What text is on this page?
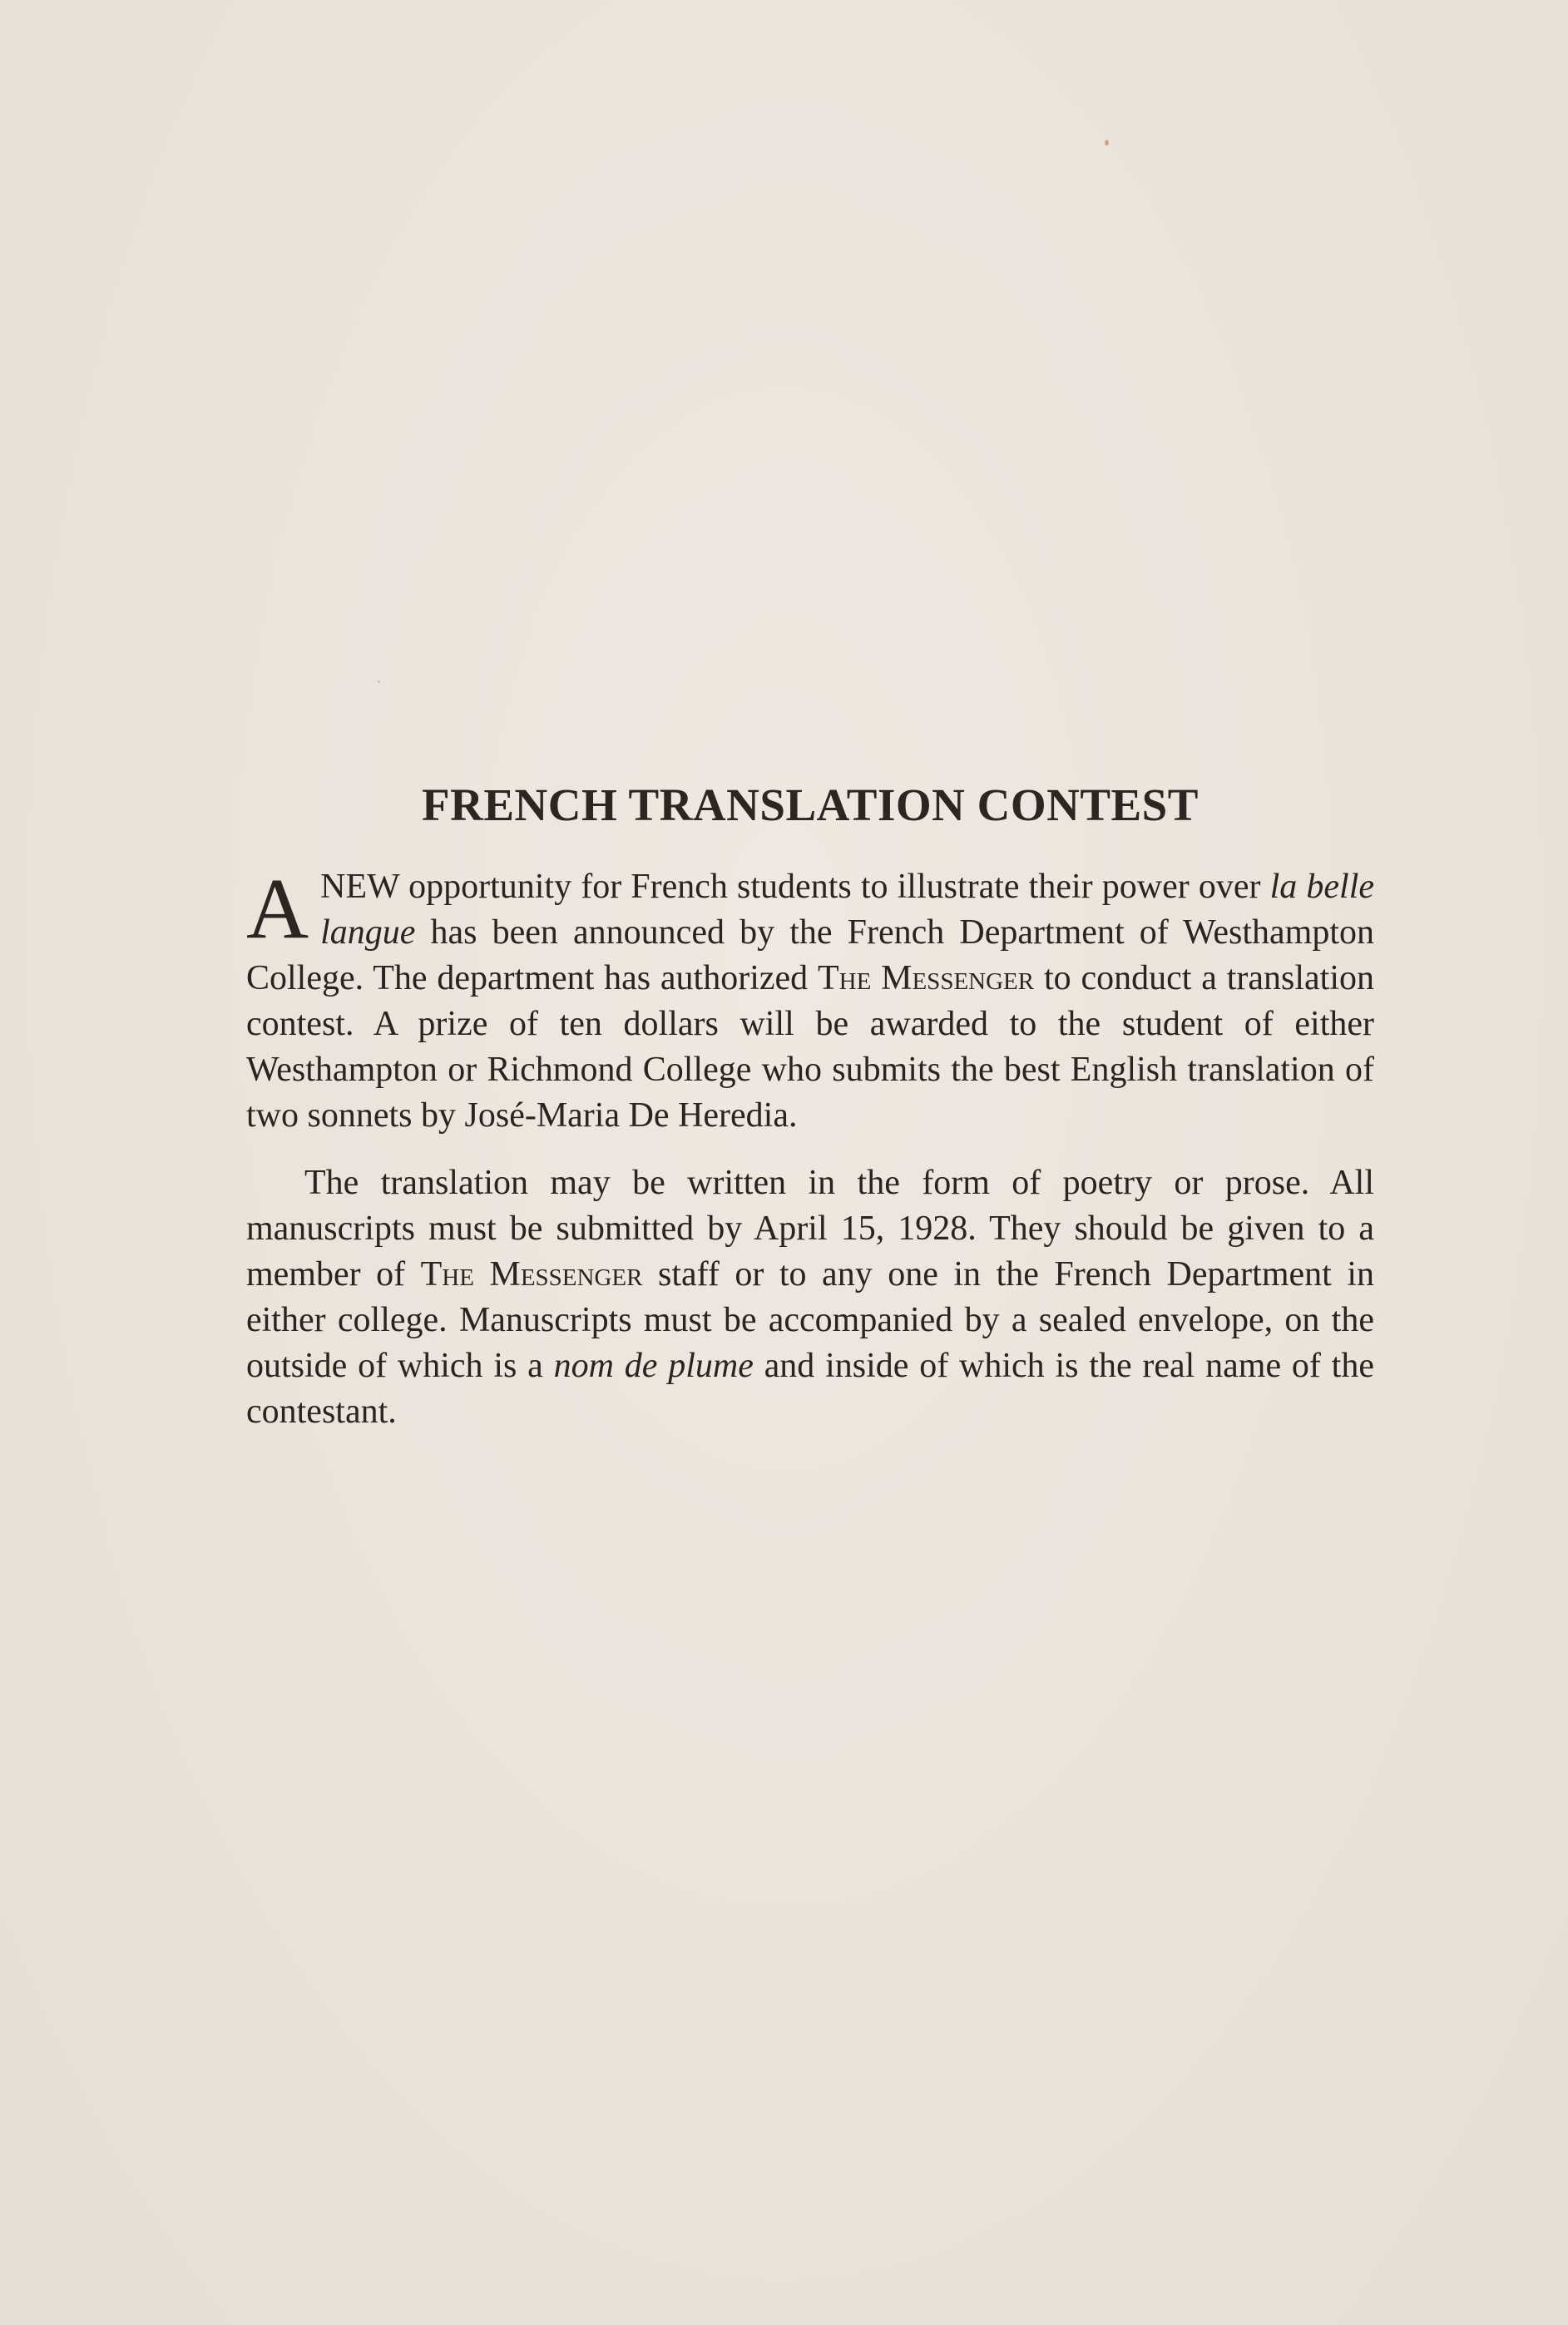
FRENCH TRANSLATION CONTEST

A NEW opportunity for French students to illustrate their power over la belle langue has been announced by the French Department of Westhampton College. The department has authorized The Messenger to conduct a translation contest. A prize of ten dollars will be awarded to the student of either Westhampton or Richmond College who submits the best English translation of two sonnets by José-Maria De Heredia.

The translation may be written in the form of poetry or prose. All manuscripts must be submitted by April 15, 1928. They should be given to a member of The Messenger staff or to any one in the French Department in either college. Manuscripts must be accompanied by a sealed envelope, on the outside of which is a nom de plume and inside of which is the real name of the contestant.
